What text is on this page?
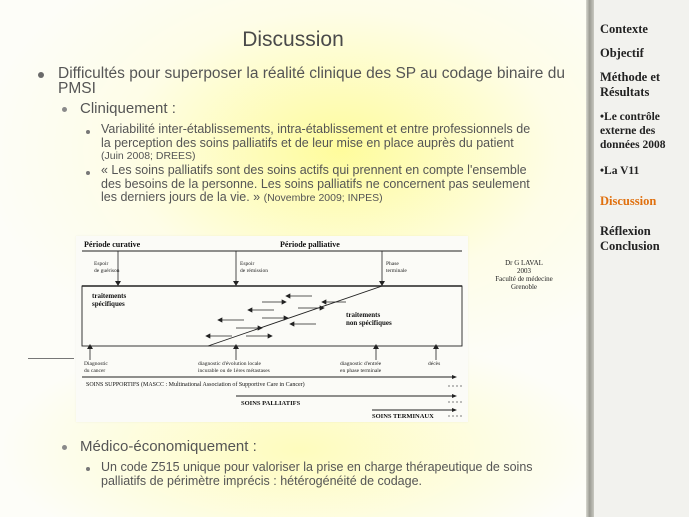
Discussion
Difficultés pour superposer la réalité clinique des SP au codage binaire du
PMSI
Cliniquement :
Variabilité inter-établissements, intra-établissement et entre professionnels de
la perception des soins palliatifs et de leur mise en place auprès du patient
(Juin 2008; DREES)
« Les soins palliatifs sont des soins actifs qui prennent en compte l'ensemble
des besoins de la personne. Les soins palliatifs ne concernent pas seulement
les derniers jours de la vie. » (Novembre 2009; INPES)
Période curative	Période palliative
Espoir
de guérison
Espoir
de rémission
Phase
terminale
traitements
spécifiques
traitements
non spécifiques
Diagnostic
du cancer
diagnostic d'évolution locale
incurable ou de 1ères métastases
diagnostic d'entrée
en phase terminale
décès
SOINS SUPPORTIFS (MASCC : Multinational Association of Supportive Care in Cancer)
SOINS PALLIATIFS
SOINS TERMINAUX
Dr G LAVAL
2003
Faculté de médecine
Grenoble
Médico-économiquement :
Un code Z515 unique pour valoriser la prise en charge thérapeutique de soins
palliatifs de périmètre imprécis : hétérogénéité de codage.
Contexte
Objectif
Méthode et
Résultats
•Le contrôle
externe des
données 2008
•La V11
Discussion
Réflexion
Conclusion
